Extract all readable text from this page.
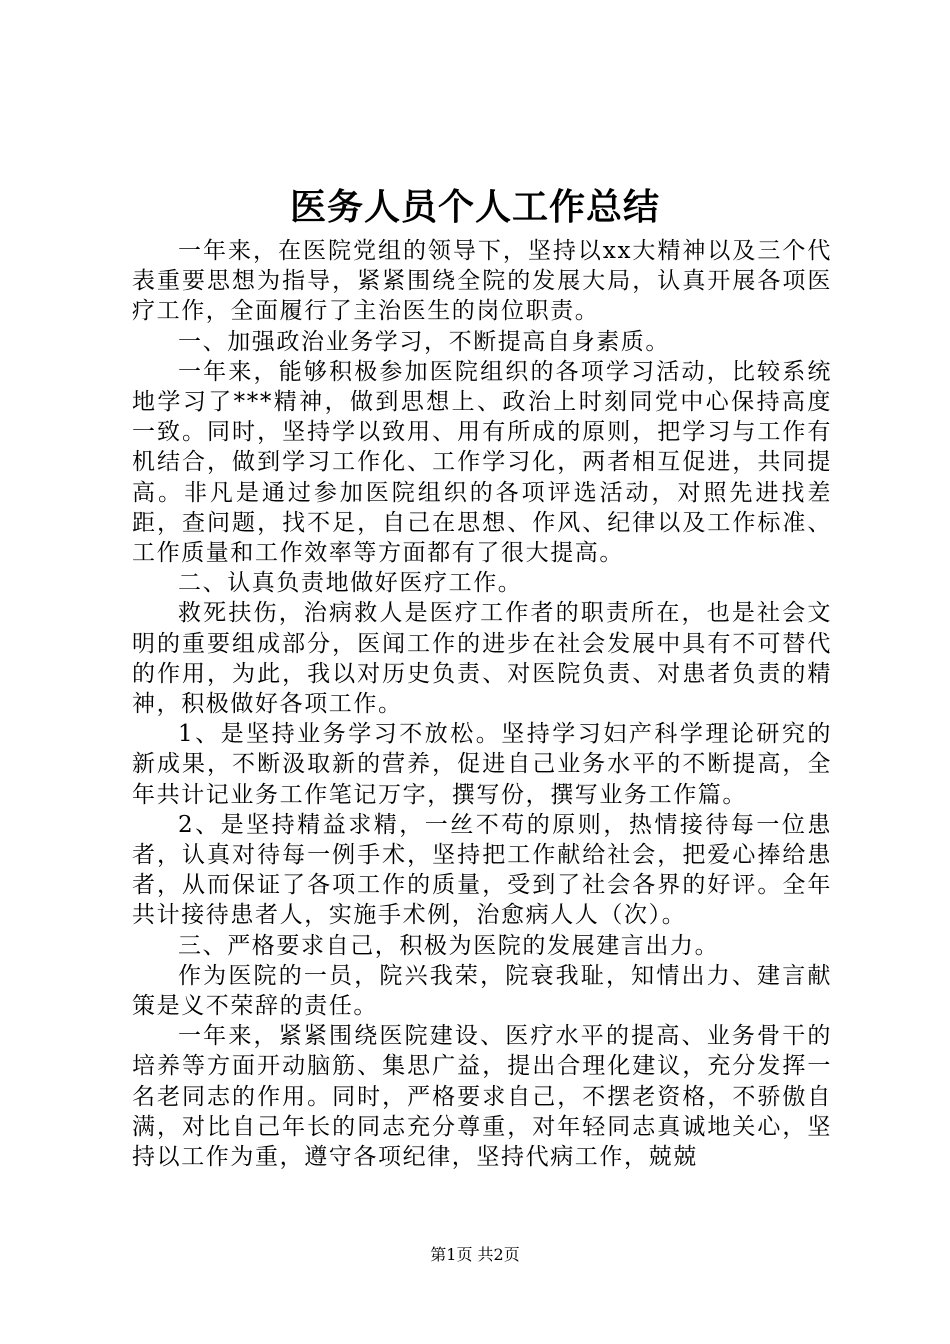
医务人员个人工作总结

一年来，在医院党组的领导下，坚持以xx大精神以及三个代表重要思想为指导，紧紧围绕全院的发展大局，认真开展各项医疗工作，全面履行了主治医生的岗位职责。

一、加强政治业务学习，不断提高自身素质。

一年来，能够积极参加医院组织的各项学习活动，比较系统地学习了***精神，做到思想上、政治上时刻同党中心保持高度一致。同时，坚持学以致用、用有所成的原则，把学习与工作有机结合，做到学习工作化、工作学习化，两者相互促进，共同提高。非凡是通过参加医院组织的各项评选活动，对照先进找差距，查问题，找不足，自己在思想、作风、纪律以及工作标准、工作质量和工作效率等方面都有了很大提高。

二、认真负责地做好医疗工作。

救死扶伤，治病救人是医疗工作者的职责所在，也是社会文明的重要组成部分，医闻工作的进步在社会发展中具有不可替代的作用，为此，我以对历史负责、对医院负责、对患者负责的精神，积极做好各项工作。

1、是坚持业务学习不放松。坚持学习妇产科学理论研究的新成果，不断汲取新的营养，促进自己业务水平的不断提高，全年共计记业务工作笔记万字，撰写份，撰写业务工作篇。

2、是坚持精益求精，一丝不苟的原则，热情接待每一位患者，认真对待每一例手术，坚持把工作献给社会，把爱心捧给患者，从而保证了各项工作的质量，受到了社会各界的好评。全年共计接待患者人，实施手术例，治愈病人人（次）。

三、严格要求自己，积极为医院的发展建言出力。

作为医院的一员，院兴我荣，院衰我耻，知情出力、建言献策是义不荣辞的责任。

一年来，紧紧围绕医院建设、医疗水平的提高、业务骨干的培养等方面开动脑筋、集思广益，提出合理化建议，充分发挥一名老同志的作用。同时，严格要求自己，不摆老资格，不骄傲自满，对比自己年长的同志充分尊重，对年轻同志真诚地关心，坚持以工作为重，遵守各项纪律，坚持代病工作，兢兢

第1页 共2页
